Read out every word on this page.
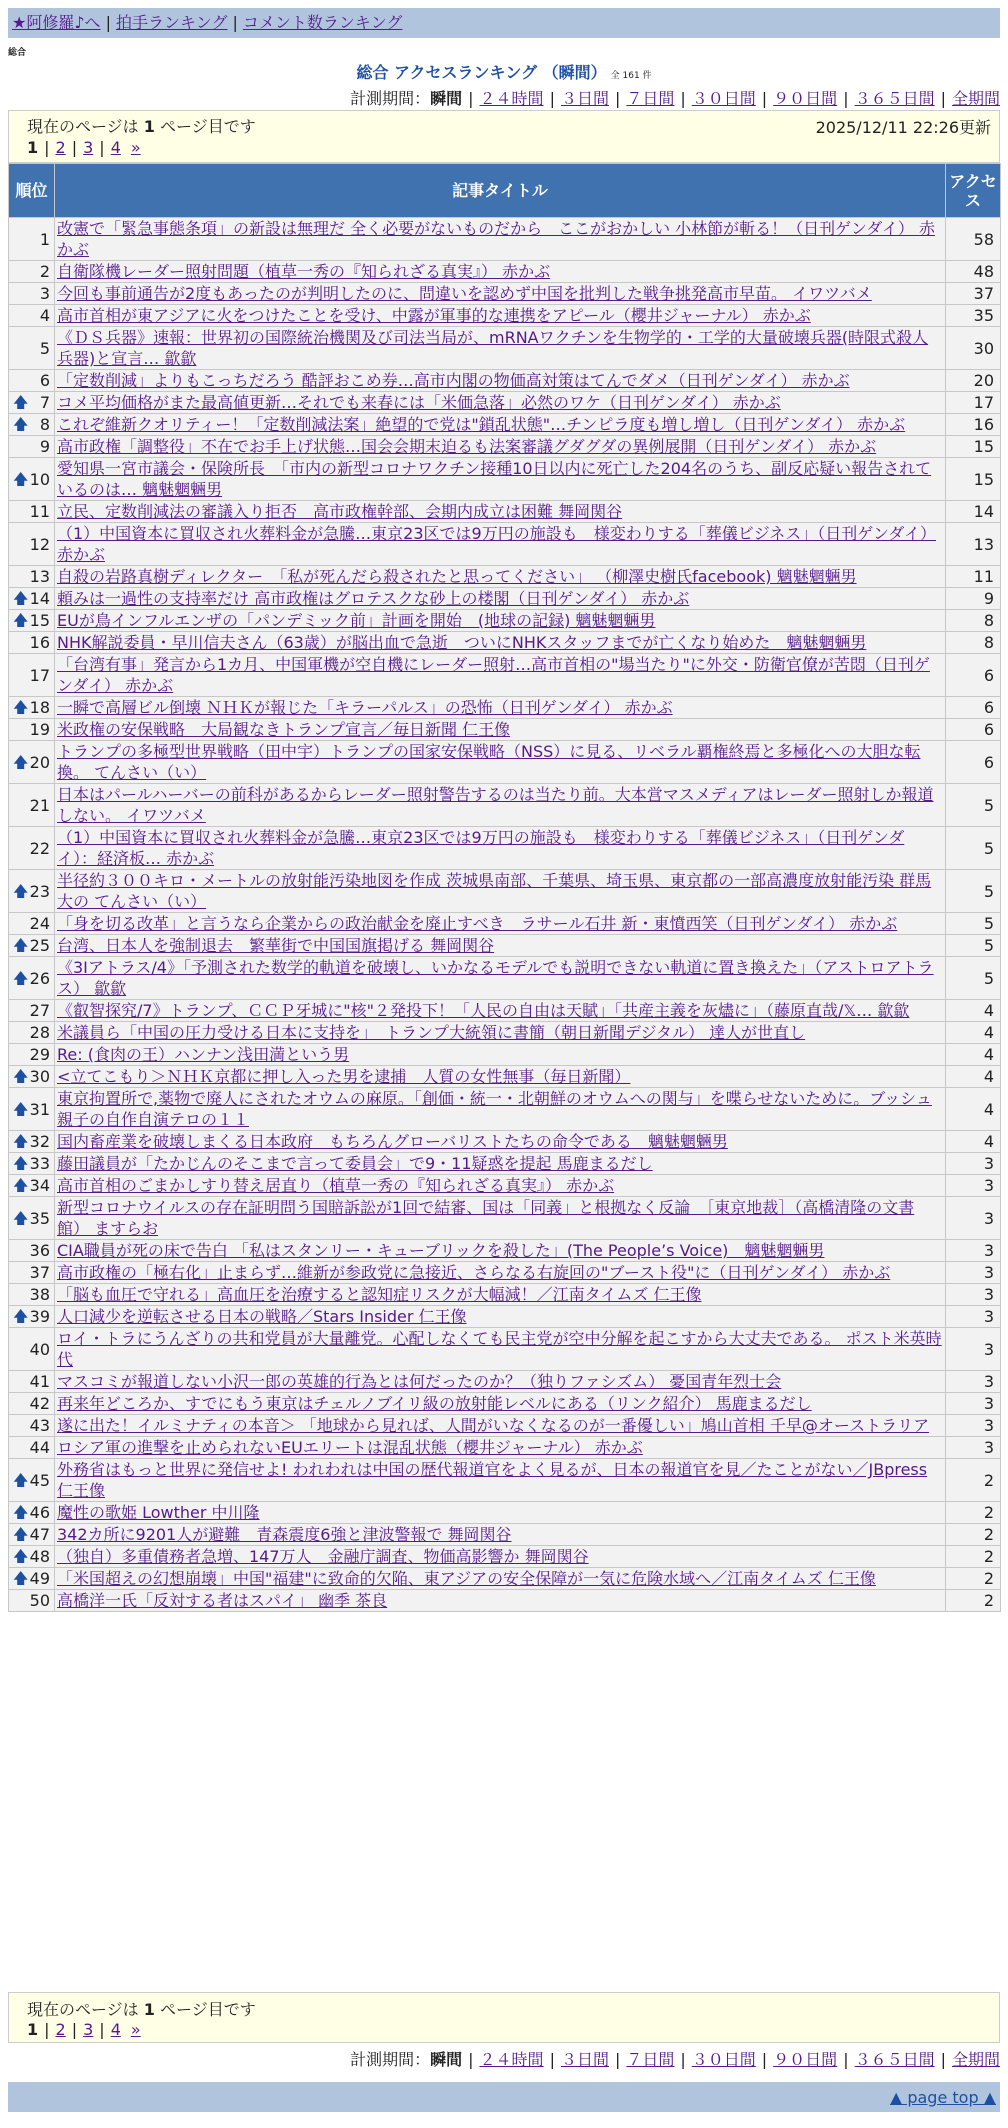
★阿修羅♪へ | 拍手ランキング | コメント数ランキング
総合
総合 アクセスランキング （瞬間） 全 161 件
計測期間：瞬間 | ２４時間 | ３日間 | ７日間 | ３０日間 | ９０日間 | ３６５日間 | 全期間
現在のページは 1 ページ目です	2025/12/11 22:26更新
1 | 2 | 3 | 4 »
順位	記事タイトル	アクセス
1	改憲で「緊急事態条項」の新設は無理だ 全く必要がないものだから　ここがおかしい 小林節が斬る！（日刊ゲンダイ） 赤かぶ	58
2	自衛隊機レーダー照射問題（植草一秀の『知られざる真実』） 赤かぶ	48
3	今回も事前通告が2度もあったのが判明したのに、問違いを認めず中国を批判した戦争挑発高市早苗。 イワツバメ	37
4	高市首相が東アジアに火をつけたことを受け、中露が軍事的な連携をアピール（櫻井ジャーナル） 赤かぶ	35
5	《ＤＳ兵器》速報：世界初の国際統治機関及び司法当局が、mRNAワクチンを生物学的・工学的大量破壊兵器(時限式殺人兵器)と宣言… 歙歙	30
6	「定数削減」よりもこっちだろう 酷評おこめ券…高市内閣の物価高対策はてんでダメ（日刊ゲンダイ） 赤かぶ	20

🡅 7	コメ平均価格がまた最高値更新…それでも来春には「米価急落」必然のワケ（日刊ゲンダイ） 赤かぶ	17

🡅 8	これぞ維新クオリティー！「定数削減法案」絶望的で党は"鎖乱状態"…チンピラ度も増し増し（日刊ゲンダイ） 赤かぶ	16
9	高市政権「調整役」不在でお手上げ状態…国会会期末迫るも法案審議グダグダの異例展開（日刊ゲンダイ） 赤かぶ	15

🡅 10	愛知県一宮市議会・保険所長　「市内の新型コロナワクチン接種10日以内に死亡した204名のうち、副反応疑い報告されているのは… 魑魅魍魎男	15
11	立民、定数削減法の審議入り拒否　高市政権幹部、会期内成立は困難 舞岡関谷	14
12	（1）中国資本に買収され火葬料金が急騰…東京23区では9万円の施設も　様変わりする「葬儀ビジネス」（日刊ゲンダイ） 赤かぶ	13
13	自殺の岩路真樹ディレクター　「私が死んだら殺されたと思ってください」 （柳澤史樹氏facebook) 魑魅魍魎男	11

🡅 14	頼みは一過性の支持率だけ 高市政権はグロテスクな砂上の楼閣（日刊ゲンダイ） 赤かぶ	9

🡅 15	EUが鳥インフルエンザの「パンデミック前」計画を開始　(地球の記録) 魑魅魍魎男	8
16	NHK解説委員・早川信夫さん（63歳）が脳出血で急逝　ついにNHKスタッフまでが亡くなり始めた　魑魅魍魎男	8
17	「台湾有事」発言から1カ月、中国軍機が空自機にレーダー照射…高市首相の"場当たり"に外交・防衛官僚が苦悶（日刊ゲンダイ） 赤かぶ	6

🡅 18	一瞬で高層ビル倒壊 ＮＨＫが報じた「キラーパルス」の恐怖（日刊ゲンダイ） 赤かぶ	6
19	米政権の安保戦略　大局観なきトランプ宣言／毎日新聞 仁王像	6

🡅 20	トランプの多極型世界戦略（田中宇）トランプの国家安保戦略（NSS）に見る、リベラル覇権終焉と多極化への大胆な転換。 てんさい（い）	6
21	日本はパールハーバーの前科があるからレーダー照射警告するのは当たり前。大本営マスメディアはレーダー照射しか報道しない。 イワツバメ	5
22	（1）中国資本に買収され火葬料金が急騰…東京23区では9万円の施設も　様変わりする「葬儀ビジネス」（日刊ゲンダイ）：経済板… 赤かぶ	5

🡅 23	半径約３００キロ・メートルの放射能汚染地図を作成 茨城県南部、千葉県、埼玉県、東京都の一部高濃度放射能汚染 群馬大の てんさい（い）	5
24	「身を切る改革」と言うなら企業からの政治献金を廃止すべき　ラサール石井 新・東憤西笑（日刊ゲンダイ） 赤かぶ	5

🡅 25	台湾、日本人を強制退去　繁華街で中国国旗掲げる 舞岡関谷	5

🡅 26	《3Iアトラス/4》「予測された数学的軌道を破壊し、いかなるモデルでも説明できない軌道に置き換えた」（アストロアトラス） 歙歙	5
27	《叡智探究/7》トランプ、ＣＣＰ牙城に"核"２発投下！「人民の自由は天賦」「共産主義を灰燼に」（藤原直哉/𝕏… 歙歙	4
28	米議員ら「中国の圧力受ける日本に支持を」　トランプ大統領に書簡（朝日新聞デジタル） 達人が世直し	4
29	Re: (食肉の王）ハンナン浅田満という男	4

🡅 30	<立てこもり＞ＮＨＫ京都に押し入った男を逮捕　人質の女性無事（毎日新聞）	4

🡅 31	東京拘置所で,薬物で廃人にされたオウムの麻原。「創価・統一・北朝鮮のオウムへの関与」を喋らせないために。ブッシュ親子の自作自演テロの１１	4

🡅 32	国内畜産業を破壊しまくる日本政府　もちろんグローバリストたちの命令である　魑魅魍魎男	4

🡅 33	藤田議員が「たかじんのそこまで言って委員会」で9・11疑惑を提起 馬鹿まるだし	3

🡅 34	高市首相のごまかしすり替え居直り（植草一秀の『知られざる真実』） 赤かぶ	3

🡅 35	新型コロナウイルスの存在証明問う国賠訴訟が1回で結審、国は「同義」と根拠なく反論　［東京地裁］（高橋清隆の文書館） ますらお	3
36	CIA職員が死の床で告白 「私はスタンリー・キューブリックを殺した」(The People’s Voice)　魑魅魍魎男	3
37	高市政権の「極右化」止まらず…維新が参政党に急接近、さらなる右旋回の"ブースト役"に（日刊ゲンダイ） 赤かぶ	3
38	「脳も血圧で守れる」高血圧を治療すると認知症リスクが大幅減！／江南タイムズ 仁王像	3

🡅 39	人口減少を逆転させる日本の戦略／Stars Insider 仁王像	3
40	ロイ・トラにうんざりの共和党員が大量離党。心配しなくても民主党が空中分解を起こすから大丈夫である。 ポスト米英時代	3
41	マスコミが報道しない小沢一郎の英雄的行為とは何だったのか？（独りファシズム） 憂国青年烈士会	3
42	再来年どころか、すでにもう東京はチェルノブイリ級の放射能レベルにある（リンク紹介） 馬鹿まるだし	3
43	遂に出た！イルミナティの本音＞ 「地球から見れば、人間がいなくなるのが一番優しい」鳩山首相 千早@オーストラリア	3
44	ロシア軍の進撃を止められないEUエリートは混乱状態（櫻井ジャーナル） 赤かぶ	3

🡅 45	外務省はもっと世界に発信せよ! われわれは中国の歴代報道官をよく見るが、日本の報道官を見／たことがない／JBpress 仁王像	2

🡅 46	魔性の歌姫 Lowther 中川隆	2

🡅 47	342カ所に9201人が避難　青森震度6強と津波警報で 舞岡関谷	2

🡅 48	（独自）多重債務者急増、147万人　金融庁調査、物価高影響か 舞岡関谷	2

🡅 49	「米国超えの幻想崩壊」中国"福建"に致命的欠陥、東アジアの安全保障が一気に危険水域へ／江南タイムズ 仁王像	2
50	高橋洋一氏「反対する者はスパイ」 幽季 茶良	2
現在のページは 1 ページ目です
1 | 2 | 3 | 4 »
計測期間：瞬間 | ２４時間 | ３日間 | ７日間 | ３０日間 | ９０日間 | ３６５日間 | 全期間
▲ page top ▲
